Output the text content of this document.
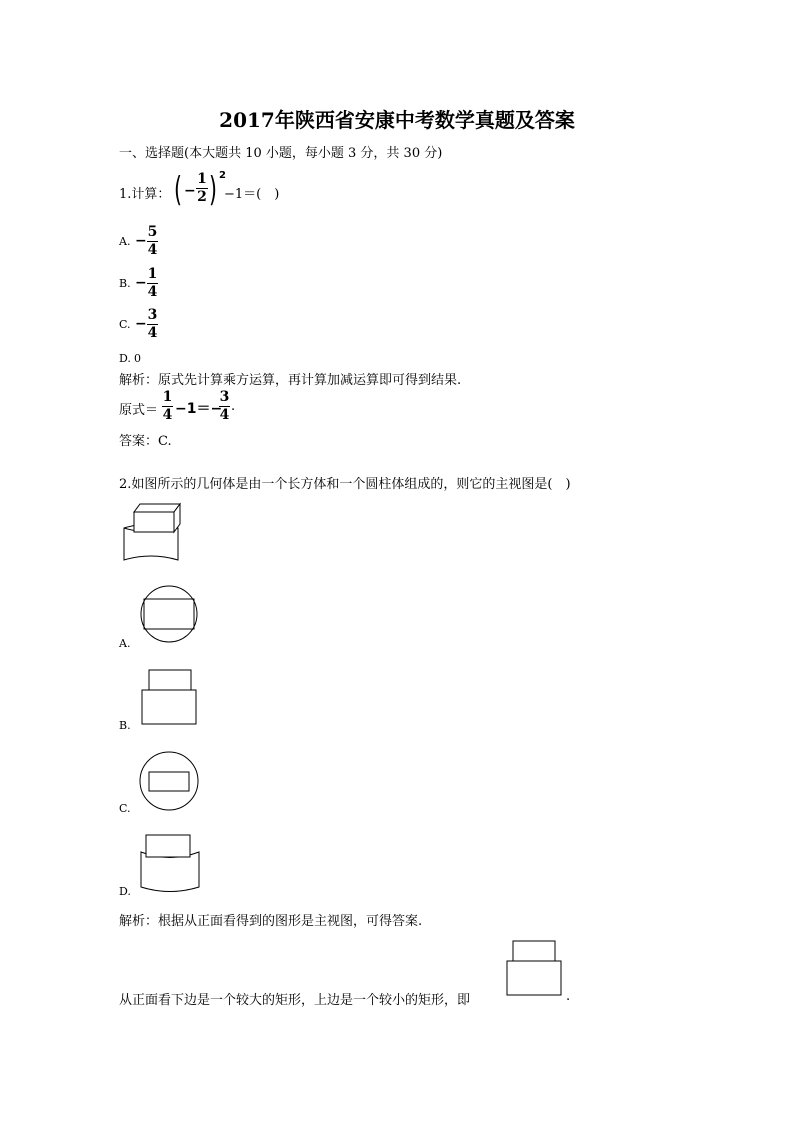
2017年陕西省安康中考数学真题及答案
一、选择题(本大题共 10 小题，每小题 3 分，共 30 分)
1.计算： ( −
1
2 ) 2
−1＝(　)
A. −
5
4
B. −
1
4
C. −
3
4
D. 0
解析：原式先计算乘方运算，再计算加减运算即可得到结果.
原式＝
1
4 −1＝−
3
4
.
答案：C.
2.如图所示的几何体是由一个长方体和一个圆柱体组成的，则它的主视图是(　)
A.
B.
C.
D.
解析：根据从正面看得到的图形是主视图，可得答案.
从正面看下边是一个较大的矩形，上边是一个较小的矩形，即	.
